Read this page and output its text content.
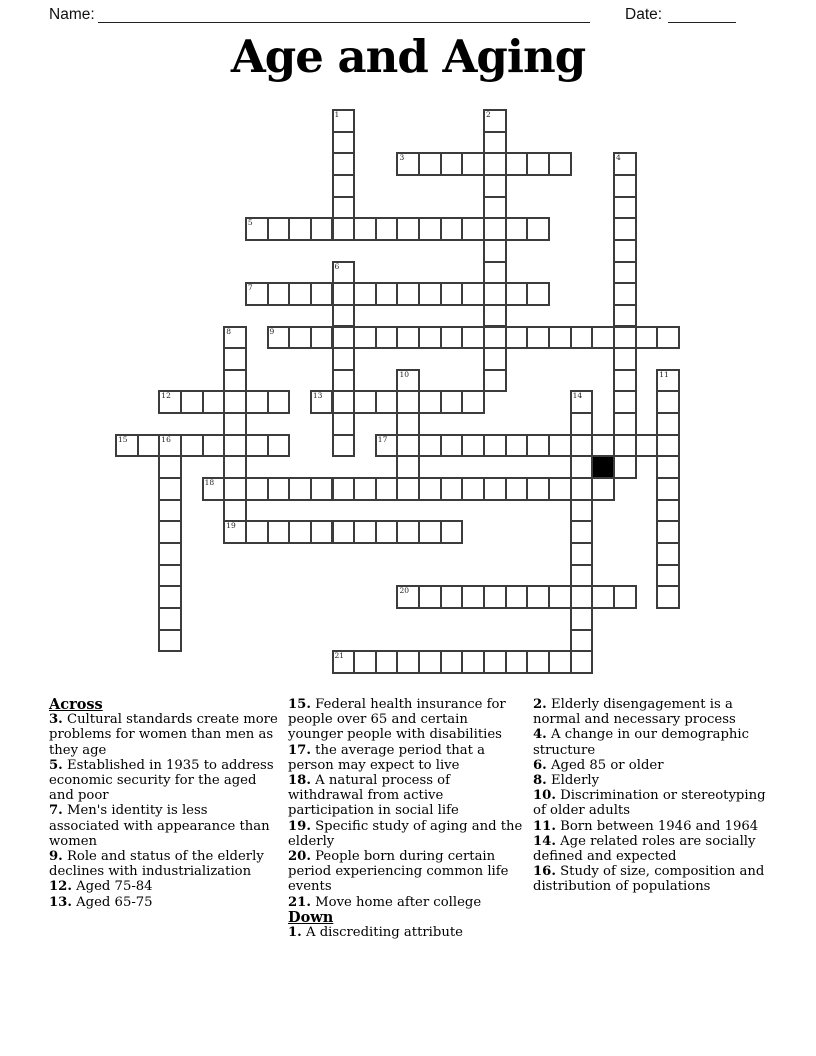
Name:	Date:
Age and Aging
1	2
3	4
5
6
7
8	9
10	11
12	13	14
15	16	17
18
19
20
21
Across

3. Cultural standards create more problems for women than men as they age

5. Established in 1935 to address economic security for the aged and poor

7. Men's identity is less associated with appearance than women

9. Role and status of the elderly declines with industrialization

12. Aged 75-84

13. Aged 65-75

15. Federal health insurance for people over 65 and certain younger people with disabilities

17. the average period that a person may expect to live

18. A natural process of withdrawal from active participation in social life

19. Specific study of aging and the elderly

20. People born during certain period experiencing common life events

21. Move home after college

Down

1. A discrediting attribute

2. Elderly disengagement is a normal and necessary process

4. A change in our demographic structure

6. Aged 85 or older

8. Elderly

10. Discrimination or stereotyping of older adults

11. Born between 1946 and 1964

14. Age related roles are socially defined and expected

16. Study of size, composition and distribution of populations
